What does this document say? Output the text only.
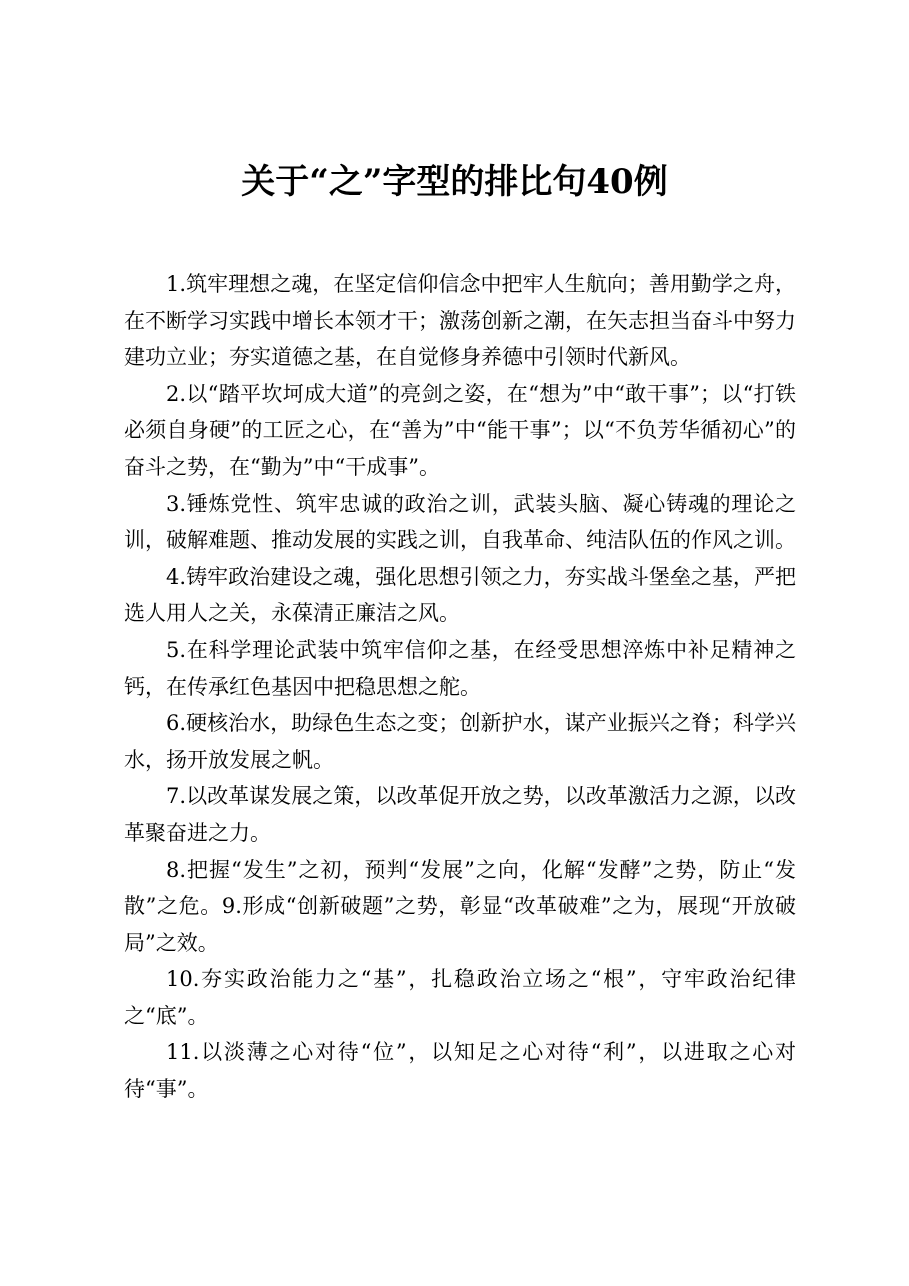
关于“之”字型的排比句40例

1.筑牢理想之魂，在坚定信仰信念中把牢人生航向；善用勤学之舟，在不断学习实践中增长本领才干；激荡创新之潮，在矢志担当奋斗中努力建功立业；夯实道德之基，在自觉修身养德中引领时代新风。

2.以“踏平坎坷成大道”的亮剑之姿，在“想为”中“敢干事”；以“打铁必须自身硬”的工匠之心，在“善为”中“能干事”；以“不负芳华循初心”的奋斗之势，在“勤为”中“干成事”。

3.锤炼党性、筑牢忠诚的政治之训，武装头脑、凝心铸魂的理论之训，破解难题、推动发展的实践之训，自我革命、纯洁队伍的作风之训。

4.铸牢政治建设之魂，强化思想引领之力，夯实战斗堡垒之基，严把选人用人之关，永葆清正廉洁之风。

5.在科学理论武装中筑牢信仰之基，在经受思想淬炼中补足精神之钙，在传承红色基因中把稳思想之舵。

6.硬核治水，助绿色生态之变；创新护水，谋产业振兴之脊；科学兴水，扬开放发展之帆。

7.以改革谋发展之策，以改革促开放之势，以改革激活力之源，以改革聚奋进之力。

8.把握“发生”之初，预判“发展”之向，化解“发酵”之势，防止“发散”之危。9.形成“创新破题”之势，彰显“改革破难”之为，展现“开放破局”之效。

10.夯实政治能力之“基”，扎稳政治立场之“根”，守牢政治纪律之“底”。

11.以淡薄之心对待“位”，以知足之心对待“利”，以进取之心对待“事”。
